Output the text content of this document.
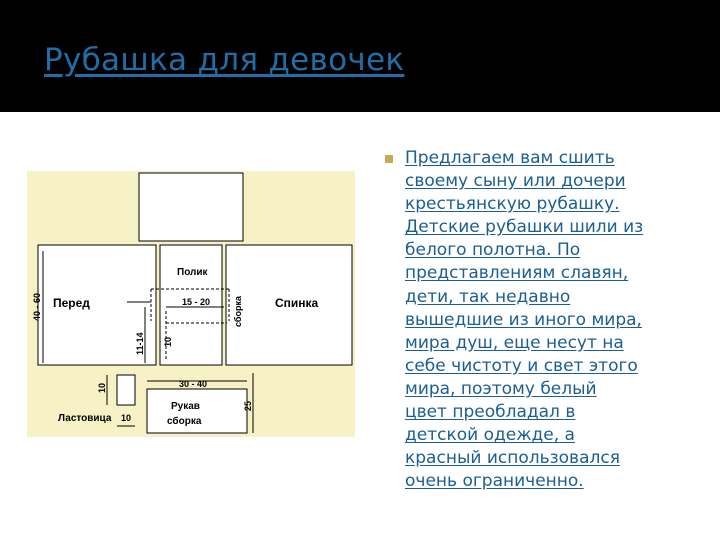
Рубашка для девочек
Перед	Спинка
Полик
15 - 20
Ластовица
Рукав
сборка
30 - 40
10
40 - 60
11-14 10
сборка
10
25

Предлагаем вам сшить
своему сыну или дочери
крестьянскую рубашку.
Детские рубашки шили из
белого полотна. По
представлениям славян,
дети, так недавно
вышедшие из иного мира,
мира душ, еще несут на
себе чистоту и свет этого
мира, поэтому белый
цвет преобладал в
детской одежде, а
красный использовался
очень ограниченно.
